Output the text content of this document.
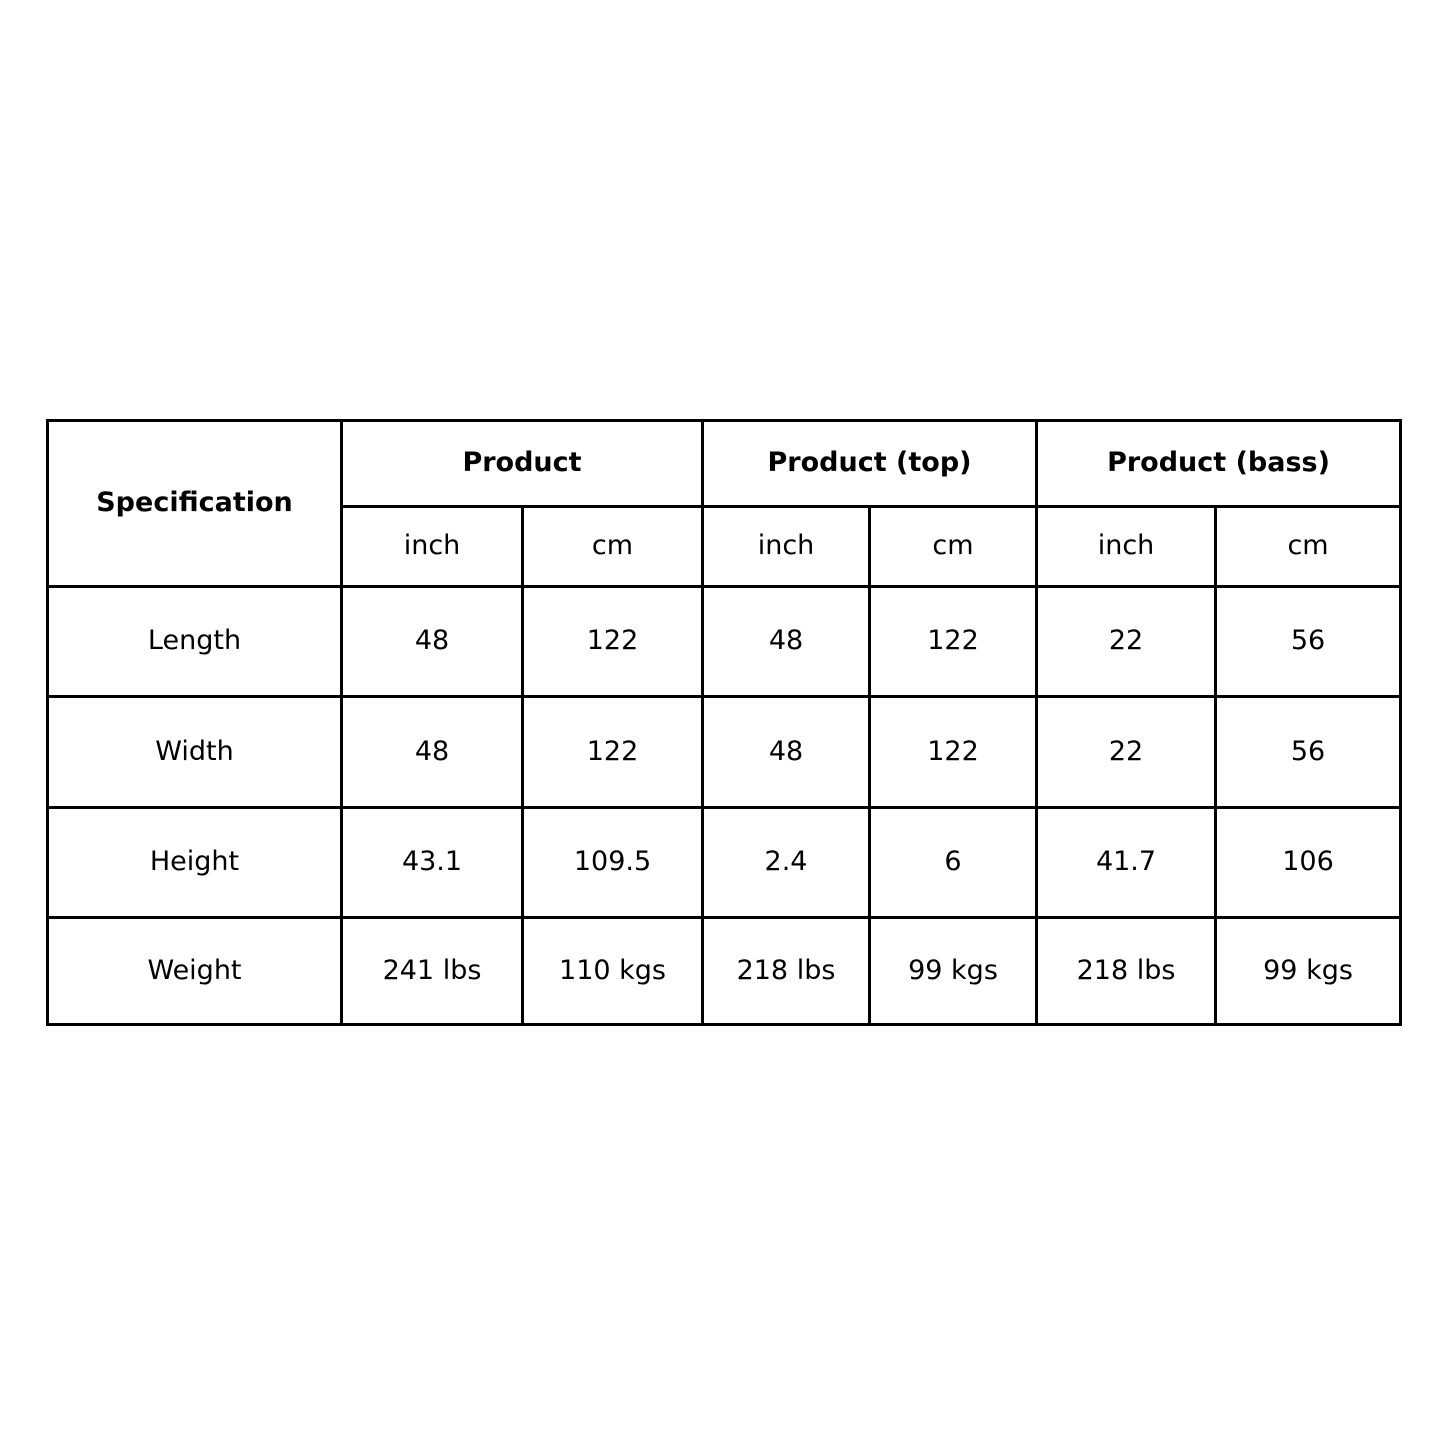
Specification	Product		Product (top)		Product (bass)	
	inch	cm	inch	cm	inch	cm
Length	48	122	48	122	22	56
Width	48	122	48	122	22	56
Height	43.1	109.5	2.4	6	41.7	106
Weight	241 lbs	110 kgs	218 lbs	99 kgs	218 lbs	99 kgs
